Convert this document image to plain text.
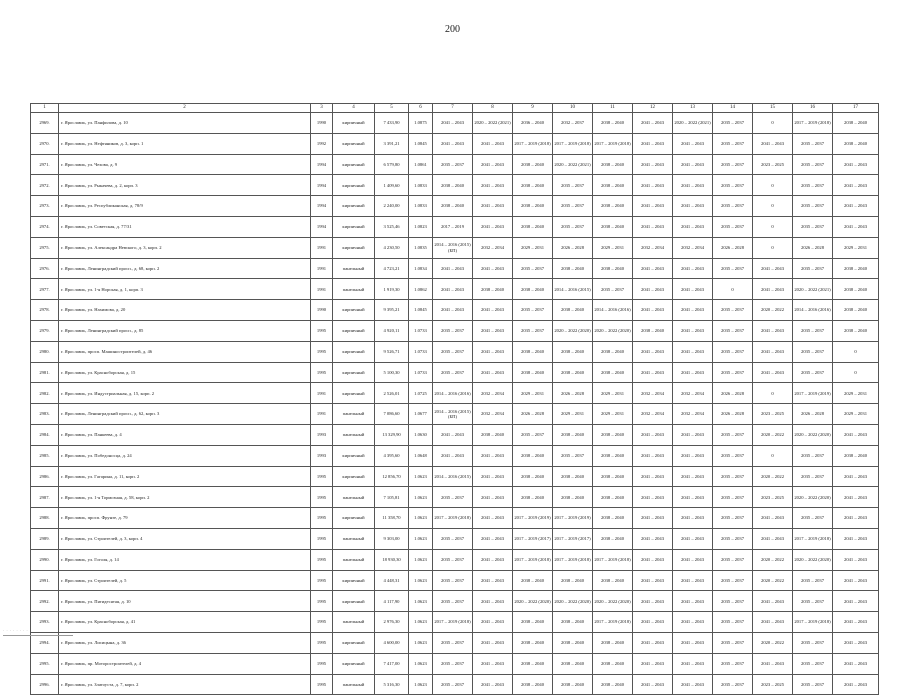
200
1	2	3	4	5	6	7	8	9	10	11	12	13	14	15	16	17
2969.	г. Ярославль, ул. Панфилова, д. 10	1990	кирпичный	7 433,90	1.0875	2041 – 2043	2020 – 2022 (2021)	2036 – 2040	2032 – 2037	2038 – 2040	2041 – 2043	2020 – 2022 (2021)	2035 – 2037	0	2017 – 2019 (2018)	2038 – 2040
2970.	г. Ярославль, ул. Нефтяников, д. 3, корп. 1	1992	кирпичный	3 391,21	1.0845	2041 – 2043	2041 – 2043	2017 – 2019 (2018)	2017 – 2019 (2018)	2017 – 2019 (2018)	2041 – 2043	2041 – 2043	2035 – 2037	2041 – 2043	2035 – 2037	2038 – 2040
2971.	г. Ярославль, ул. Чехова, д. 9	1994	кирпичный	6 579,80	1.0861	2035 – 2037	2041 – 2043	2038 – 2040	2020 – 2022 (2021)	2038 – 2040	2041 – 2043	2041 – 2043	2035 – 2037	2023 – 2025	2035 – 2037	2041 – 2043
2972.	г. Ярославль, ул. Рыкачева, д. 2, корп. 3	1994	кирпичный	1 409,60	1.0833	2038 – 2040	2041 – 2043	2038 – 2040	2035 – 2037	2038 – 2040	2041 – 2043	2041 – 2043	2035 – 2037	0	2035 – 2037	2041 – 2043
2973.	г. Ярославль, ул. Республиканская, д. 78/9	1994	кирпичный	2 240,00	1.0833	2038 – 2040	2041 – 2043	2038 – 2040	2035 – 2037	2038 – 2040	2041 – 2043	2041 – 2043	2035 – 2037	0	2035 – 2037	2041 – 2043
2974.	г. Ярославль, ул. Советская, д. 77/31	1994	кирпичный	3 525,46	1.0823	2017 – 2019	2041 – 2043	2038 – 2040	2035 – 2037	2038 – 2040	2041 – 2043	2041 – 2043	2035 – 2037	0	2035 – 2037	2041 – 2043
2975.	г. Ярославль, ул. Александра Невского, д. 3, корп. 2	1991	кирпичный	4 230,50	1.0835	2014 – 2016 (2015) (БП)	2032 – 2034	2029 – 2031	2026 – 2028	2029 – 2031	2032 – 2034	2032 – 2034	2026 – 2028	0	2026 – 2028	2029 – 2031
2976.	г. Ярославль, Ленинградский просп., д. 68, корп. 2	1991	панельный	4 723,21	1.0834	2041 – 2043	2041 – 2043	2035 – 2037	2038 – 2040	2038 – 2040	2041 – 2043	2041 – 2043	2035 – 2037	2041 – 2043	2035 – 2037	2038 – 2040
2977.	г. Ярославль, ул. 1-я Норская, д. 1, корп. 3	1991	панельный	1 919,30	1.0862	2041 – 2043	2038 – 2040	2038 – 2040	2014 – 2016 (2015)	2035 – 2037	2041 – 2043	2041 – 2043	0	2041 – 2043	2020 – 2022 (2021)	2038 – 2040
2978.	г. Ярославль, ул. Нахимова, д. 20	1990	кирпичный	9 395,21	1.0845	2041 – 2043	2041 – 2043	2035 – 2037	2038 – 2040	2014 – 2016 (2016)	2041 – 2043	2041 – 2043	2035 – 2037	2020 – 2022	2014 – 2016 (2016)	2038 – 2040
2979.	г. Ярославль, Ленинградский просп., д. 85	1995	кирпичный	4 920,11	1.0733	2035 – 2037	2041 – 2043	2035 – 2037	2020 – 2022 (2020)	2020 – 2022 (2020)	2038 – 2040	2041 – 2043	2035 – 2037	2041 – 2043	2035 – 2037	2038 – 2040
2980.	г. Ярославль, просп. Машиностроителей, д. 46	1995	кирпичный	9 526,71	1.0733	2035 – 2037	2041 – 2043	2038 – 2040	2038 – 2040	2038 – 2040	2041 – 2043	2041 – 2043	2035 – 2037	2041 – 2043	2035 – 2037	0
2981.	г. Ярославль, ул. Красноборская, д. 15	1995	кирпичный	5 100,30	1.0733	2035 – 2037	2041 – 2043	2038 – 2040	2038 – 2040	2038 – 2040	2041 – 2043	2041 – 2043	2035 – 2037	2041 – 2043	2035 – 2037	0
2982.	г. Ярославль, ул. Индустриальная, д. 15, корп. 2	1991	кирпичный	2 526,01	1.0725	2014 – 2016 (2016)	2032 – 2034	2029 – 2031	2026 – 2028	2029 – 2031	2032 – 2034	2032 – 2034	2026 – 2028	0	2017 – 2019 (2019)	2029 – 2031
2983.	г. Ярославль, Ленинградский просп., д. 62, корп. 3	1991	панельный	7 086,60	1.0677	2014 – 2016 (2015) (БП)	2032 – 2034	2026 – 2028	2029 – 2031	2029 – 2031	2032 – 2034	2032 – 2034	2026 – 2028	2023 – 2025	2026 – 2028	2029 – 2031
2984.	г. Ярославль, ул. Панкеева, д. 4	1993	панельный	13 329,90	1.0630	2041 – 2043	2038 – 2040	2035 – 2037	2038 – 2040	2038 – 2040	2041 – 2043	2041 – 2043	2035 – 2037	2020 – 2022	2020 – 2022 (2020)	2041 – 2043
2985.	г. Ярославль, ул. Победоносца, д. 24	1993	кирпичный	4 395,60	1.0648	2041 – 2043	2041 – 2043	2038 – 2040	2035 – 2037	2038 – 2040	2041 – 2043	2041 – 2043	2035 – 2037	0	2035 – 2037	2038 – 2040
2986.	г. Ярославль, ул. Гагарина, д. 11, корп. 2	1995	кирпичный	12 856,70	1.0623	2014 – 2016 (2015)	2041 – 2043	2038 – 2040	2038 – 2040	2038 – 2040	2041 – 2043	2041 – 2043	2035 – 2037	2020 – 2022	2035 – 2037	2041 – 2043
2987.	г. Ярославль, ул. 1-я Тормозная, д. 58, корп. 2	1995	панельный	7 105,81	1.0623	2035 – 2037	2041 – 2043	2038 – 2040	2038 – 2040	2038 – 2040	2041 – 2043	2041 – 2043	2035 – 2037	2023 – 2025	2020 – 2022 (2020)	2041 – 2043
2988.	г. Ярославль, просп. Фрунзе, д. 79	1995	кирпичный	11 358,70	1.0623	2017 – 2019 (2018)	2041 – 2043	2017 – 2019 (2019)	2017 – 2019 (2019)	2038 – 2040	2041 – 2043	2041 – 2043	2035 – 2037	2041 – 2043	2035 – 2037	2041 – 2043
2989.	г. Ярославль, ул. Строителей, д. 3, корп. 4	1995	панельный	9 303,00	1.0623	2035 – 2037	2041 – 2043	2017 – 2019 (2017)	2017 – 2019 (2017)	2038 – 2040	2041 – 2043	2041 – 2043	2035 – 2037	2041 – 2043	2017 – 2019 (2018)	2041 – 2043
2990.	г. Ярославль, ул. Гоголя, д. 14	1995	панельный	18 930,30	1.0623	2035 – 2037	2041 – 2043	2017 – 2019 (2018)	2017 – 2019 (2018)	2017 – 2019 (2018)	2041 – 2043	2041 – 2043	2035 – 2037	2020 – 2022	2020 – 2022 (2020)	2041 – 2043
2991.	г. Ярославль, ул. Строителей, д. 5	1995	кирпичный	4 448,31	1.0623	2035 – 2037	2041 – 2043	2038 – 2040	2038 – 2040	2038 – 2040	2041 – 2043	2041 – 2043	2035 – 2037	2020 – 2022	2035 – 2037	2041 – 2043
2992.	г. Ярославль, ул. Пятидесятая, д. 10	1995	кирпичный	4 117,90	1.0623	2035 – 2037	2041 – 2043	2020 – 2022 (2020)	2020 – 2022 (2020)	2020 – 2022 (2020)	2041 – 2043	2041 – 2043	2035 – 2037	2041 – 2043	2035 – 2037	2041 – 2043
2993.	г. Ярославль, ул. Красноборская, д. 41	1995	панельный	2 976,30	1.0623	2017 – 2019 (2018)	2041 – 2043	2038 – 2040	2038 – 2040	2017 – 2019 (2018)	2041 – 2043	2041 – 2043	2035 – 2037	2041 – 2043	2017 – 2019 (2018)	2041 – 2043
2994.	г. Ярославль, ул. Лисицына, д. 36	1995	кирпичный	4 600,00	1.0623	2035 – 2037	2041 – 2043	2038 – 2040	2038 – 2040	2038 – 2040	2041 – 2043	2041 – 2043	2035 – 2037	2020 – 2022	2035 – 2037	2041 – 2043
2995.	г. Ярославль, пр. Моторостроителей, д. 4	1995	кирпичный	7 417,00	1.0623	2035 – 2037	2041 – 2043	2038 – 2040	2038 – 2040	2038 – 2040	2041 – 2043	2041 – 2043	2035 – 2037	2041 – 2043	2035 – 2037	2041 – 2043
2996.	г. Ярославль, ул. Златоуста, д. 7, корп. 2	1995	панельный	5 316,30	1.0623	2035 – 2037	2041 – 2043	2038 – 2040	2038 – 2040	2038 – 2040	2041 – 2043	2041 – 2043	2035 – 2037	2023 – 2025	2035 – 2037	2041 – 2043
· · · · · · · ·
